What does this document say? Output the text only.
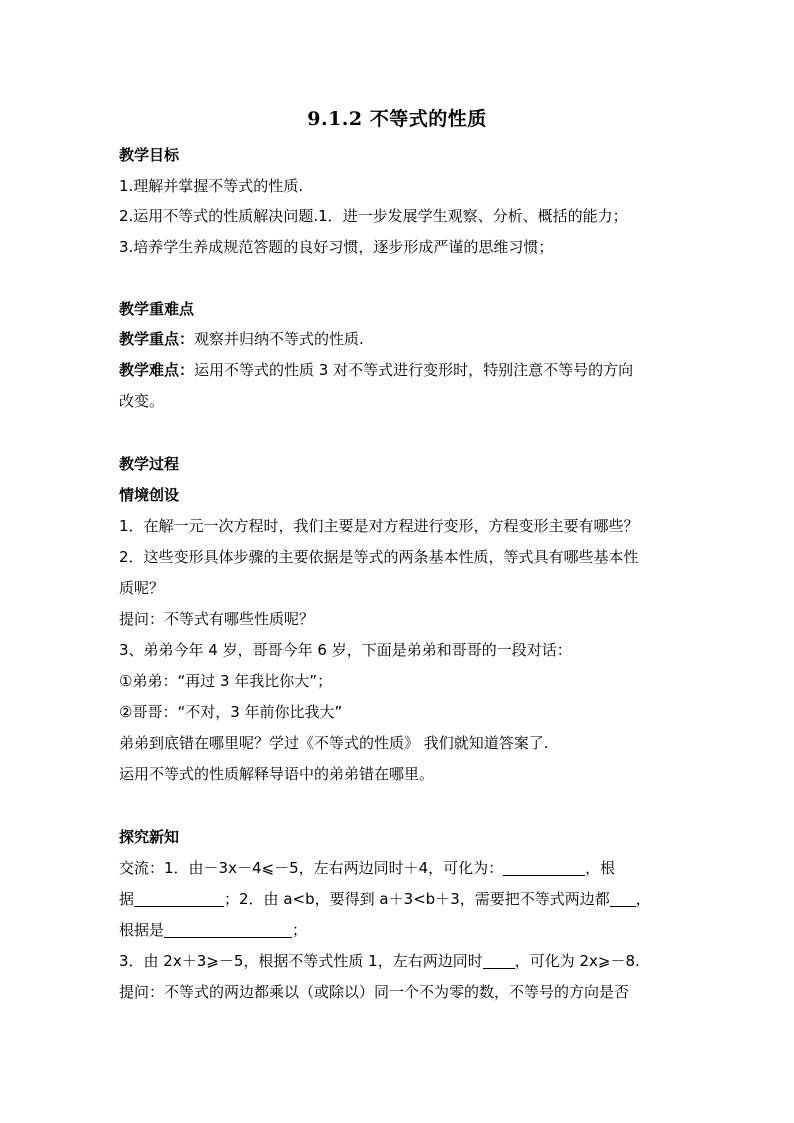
9.1.2 不等式的性质
教学目标
1.理解并掌握不等式的性质.
2.运用不等式的性质解决问题.1．进一步发展学生观察、分析、概括的能力；
3.培养学生养成规范答题的良好习惯，逐步形成严谨的思维习惯；
教学重难点
教学重点：观察并归纳不等式的性质.
教学难点：运用不等式的性质 3 对不等式进行变形时，特别注意不等号的方向
改变。
教学过程
情境创设
1．在解一元一次方程时，我们主要是对方程进行变形，方程变形主要有哪些？
2．这些变形具体步骤的主要依据是等式的两条基本性质，等式具有哪些基本性
质呢？
提问：不等式有哪些性质呢？
3、弟弟今年 4 岁，哥哥今年 6 岁，下面是弟弟和哥哥的一段对话：
①弟弟：“再过 3 年我比你大”；
②哥哥：“不对，3 年前你比我大”
弟弟到底错在哪里呢？学过《不等式的性质》 我们就知道答案了.
运用不等式的性质解释导语中的弟弟错在哪里。
探究新知
交流：1．由－3x－4⩽－5，左右两边同时＋4，可化为：	，根
据	；2．由 a<b，要得到 a＋3<b＋3，需要把不等式两边都 ，
根据是	；
3．由 2x＋3⩾－5，根据不等式性质 1，左右两边同时 ，可化为 2x⩾－8.
提问：不等式的两边都乘以（或除以）同一个不为零的数，不等号的方向是否
